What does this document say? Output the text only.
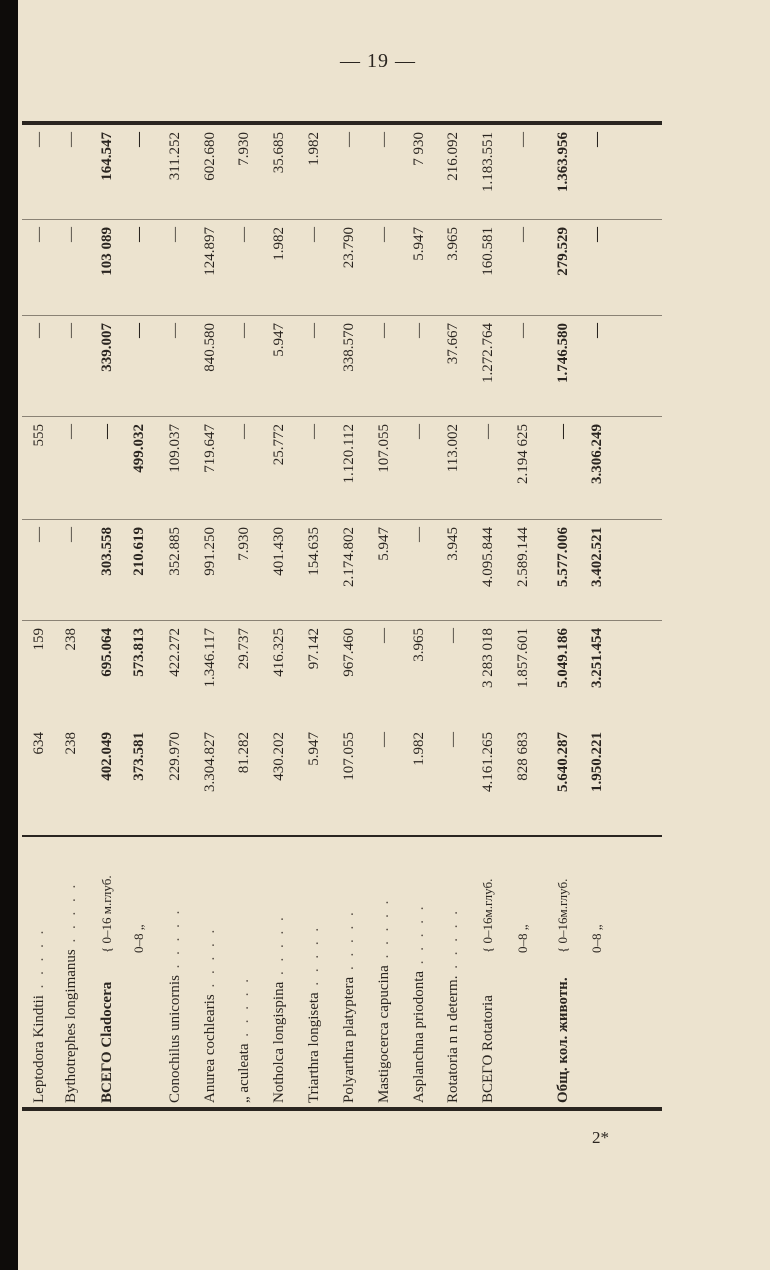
— 19 —
Leptodora Kindtii . . . . .
634
159
—
555
—
—
—
Bythotrephes longimanus . . . . .
238
238
—
—
—
—
—
ВСЕГО Cladocera
{ 0–16 м.глуб.
402.049
695.064
303.558
—
339.007
103 089
164.547
0–8 „
373.581
573.813
210.619
499.032
—
—
—
Conochilus unicornis . . . . .
229.970
422.272
352.885
109.037
—
—
311.252
Anurea cochlearis . . . . .
3.304.827
1.346.117
991.250
719.647
840.580
124.897
602.680
„ aculeata . . . . .
81.282
29.737
7.930
—
—
—
7.930
Notholca longispina . . . . .
430.202
416.325
401.430
25.772
5.947
1.982
35.685
Triarthra longiseta . . . . .
5.947
97.142
154.635
—
—
—
1.982
Polyarthra platyptera . . . . .
107.055
967.460
2.174.802
1.120.112
338.570
23.790
—
Mastigocerca capucina . . . . .
—
—
5.947
107.055
—
—
—
Asplanchna priodonta . . . . .
1.982
3.965
—
—
—
5.947
7 930
Rotatoria n n determ. . . . . .
—
—
3.945
113.002
37.667
3.965
216.092
ВСЕГО Rotatoria
{ 0–16м.глуб.
4.161.265
3 283 018
4.095.844
—
1.272.764
160.581
1.183.551
0–8 „
828 683
1.857.601
2.589.144
2.194 625
—
—
—
Общ. кол. животн.
{ 0–16м.глуб.
5.640.287
5.049.186
5.577.006
—
1.746.580
279.529
1.363.956
0–8 „
1.950.221
3.251.454
3.402.521
3.306.249
—
—
—
2*
